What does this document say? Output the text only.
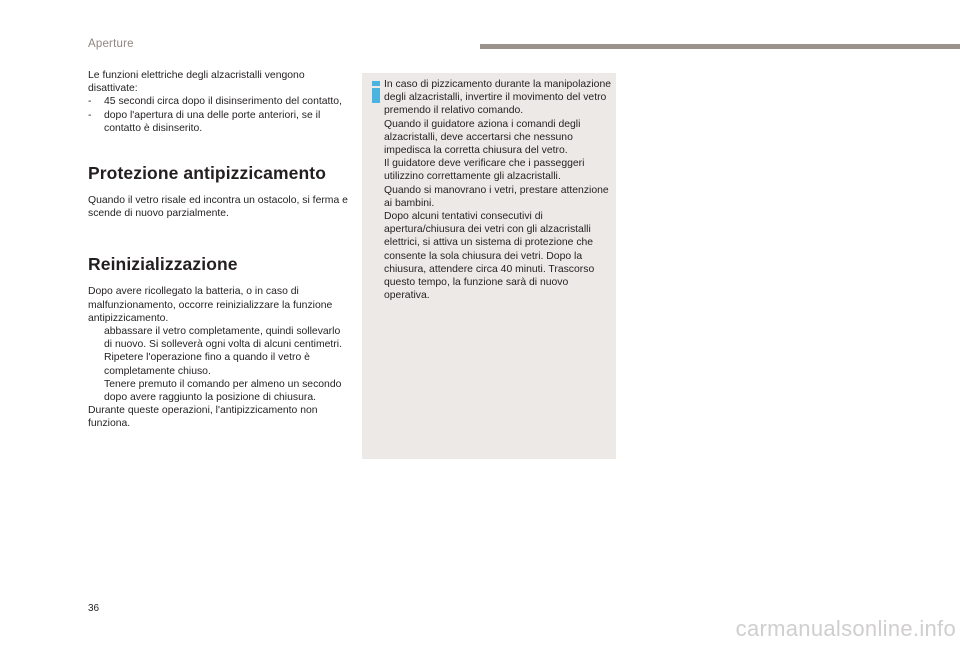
Aperture

Le funzioni elettriche degli alzacristalli vengono disattivate:

- 45 secondi circa dopo il disinserimento del contatto,

- dopo l'apertura di una delle porte anteriori, se il contatto è disinserito.

Protezione antipizzicamento

Quando il vetro risale ed incontra un ostacolo, si ferma e scende di nuovo parzialmente.

Reinizializzazione

Dopo avere ricollegato la batteria, o in caso di malfunzionamento, occorre reinizializzare la funzione antipizzicamento.

abbassare il vetro completamente, quindi sollevarlo di nuovo. Si solleverà ogni volta di alcuni centimetri. Ripetere l'operazione fino a quando il vetro è completamente chiuso.

Tenere premuto il comando per almeno un secondo dopo avere raggiunto la posizione di chiusura.

Durante queste operazioni, l'antipizzicamento non funziona.

In caso di pizzicamento durante la manipolazione degli alzacristalli, invertire il movimento del vetro premendo il relativo comando.

Quando il guidatore aziona i comandi degli alzacristalli, deve accertarsi che nessuno impedisca la corretta chiusura del vetro.

Il guidatore deve verificare che i passeggeri utilizzino correttamente gli alzacristalli.

Quando si manovrano i vetri, prestare attenzione ai bambini.

Dopo alcuni tentativi consecutivi di apertura/chiusura dei vetri con gli alzacristalli elettrici, si attiva un sistema di protezione che consente la sola chiusura dei vetri. Dopo la chiusura, attendere circa 40 minuti. Trascorso questo tempo, la funzione sarà di nuovo operativa.

36
carmanualsonline.info
